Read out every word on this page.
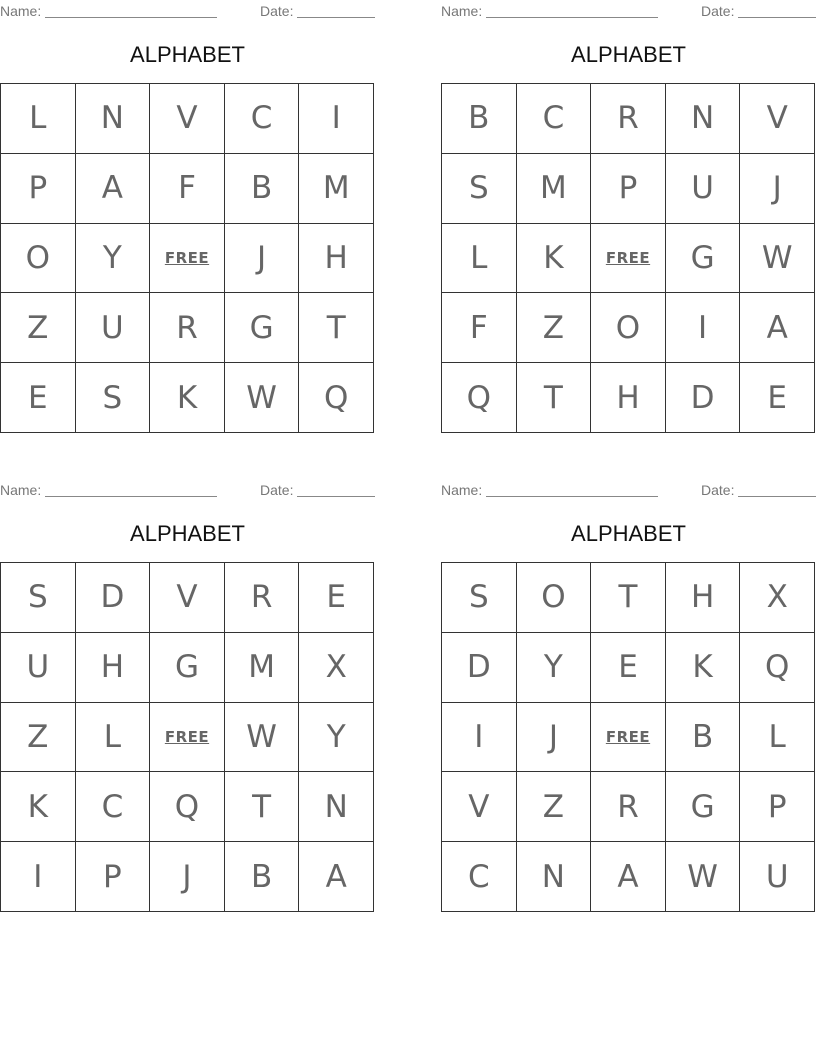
Name:	Date:
ALPHABET
L	N	V	C	I
P	A	F	B	M
O	Y	FREE	J	H
Z	U	R	G	T
E	S	K	W	Q
Name:	Date:
ALPHABET
B	C	R	N	V
S	M	P	U	J
L	K	FREE	G	W
F	Z	O	I	A
Q	T	H	D	E
Name:	Date:
ALPHABET
S	D	V	R	E
U	H	G	M	X
Z	L	FREE	W	Y
K	C	Q	T	N
I	P	J	B	A
Name:	Date:
ALPHABET
S	O	T	H	X
D	Y	E	K	Q
I	J	FREE	B	L
V	Z	R	G	P
C	N	A	W	U
